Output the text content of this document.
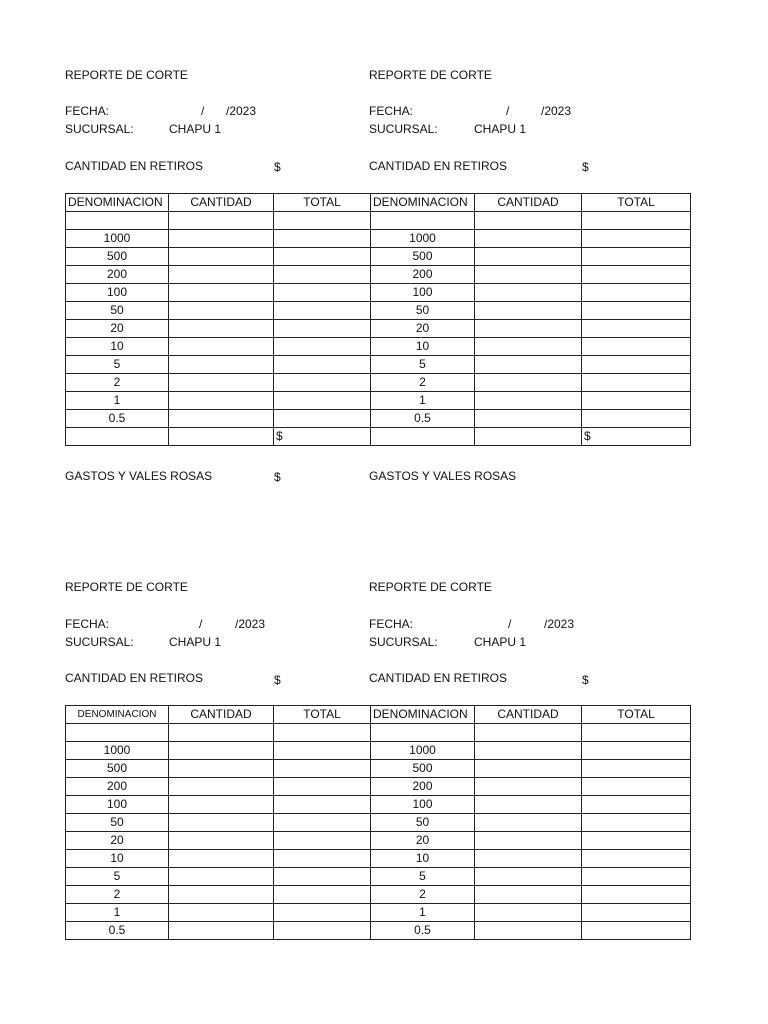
REPORTE DE CORTE
FECHA:	/ /2023
SUCURSAL:	CHAPU 1
CANTIDAD EN RETIROS	$
DENOMINACION	CANTIDAD	TOTAL	DENOMINACION	CANTIDAD	TOTAL

1000			1000		
500			500		
200			200		
100			100		
50			50		
20			20		
10			10		
5			5		
2			2		
1			1		
0.5			0.5		
		$			$
GASTOS Y VALES ROSAS	$
REPORTE DE CORTE
FECHA:	/	/2023
SUCURSAL:	CHAPU 1
CANTIDAD EN RETIROS	$
GASTOS Y VALES ROSAS
REPORTE DE CORTE
FECHA:	/	/2023
SUCURSAL:	CHAPU 1
CANTIDAD EN RETIROS	$
REPORTE DE CORTE
FECHA:	/	/2023
SUCURSAL:	CHAPU 1
CANTIDAD EN RETIROS	$
DENOMINACION	CANTIDAD	TOTAL	DENOMINACION	CANTIDAD	TOTAL

1000			1000		
500			500		
200			200		
100			100		
50			50		
20			20		
10			10		
5			5		
2			2		
1			1		
0.5			0.5		
